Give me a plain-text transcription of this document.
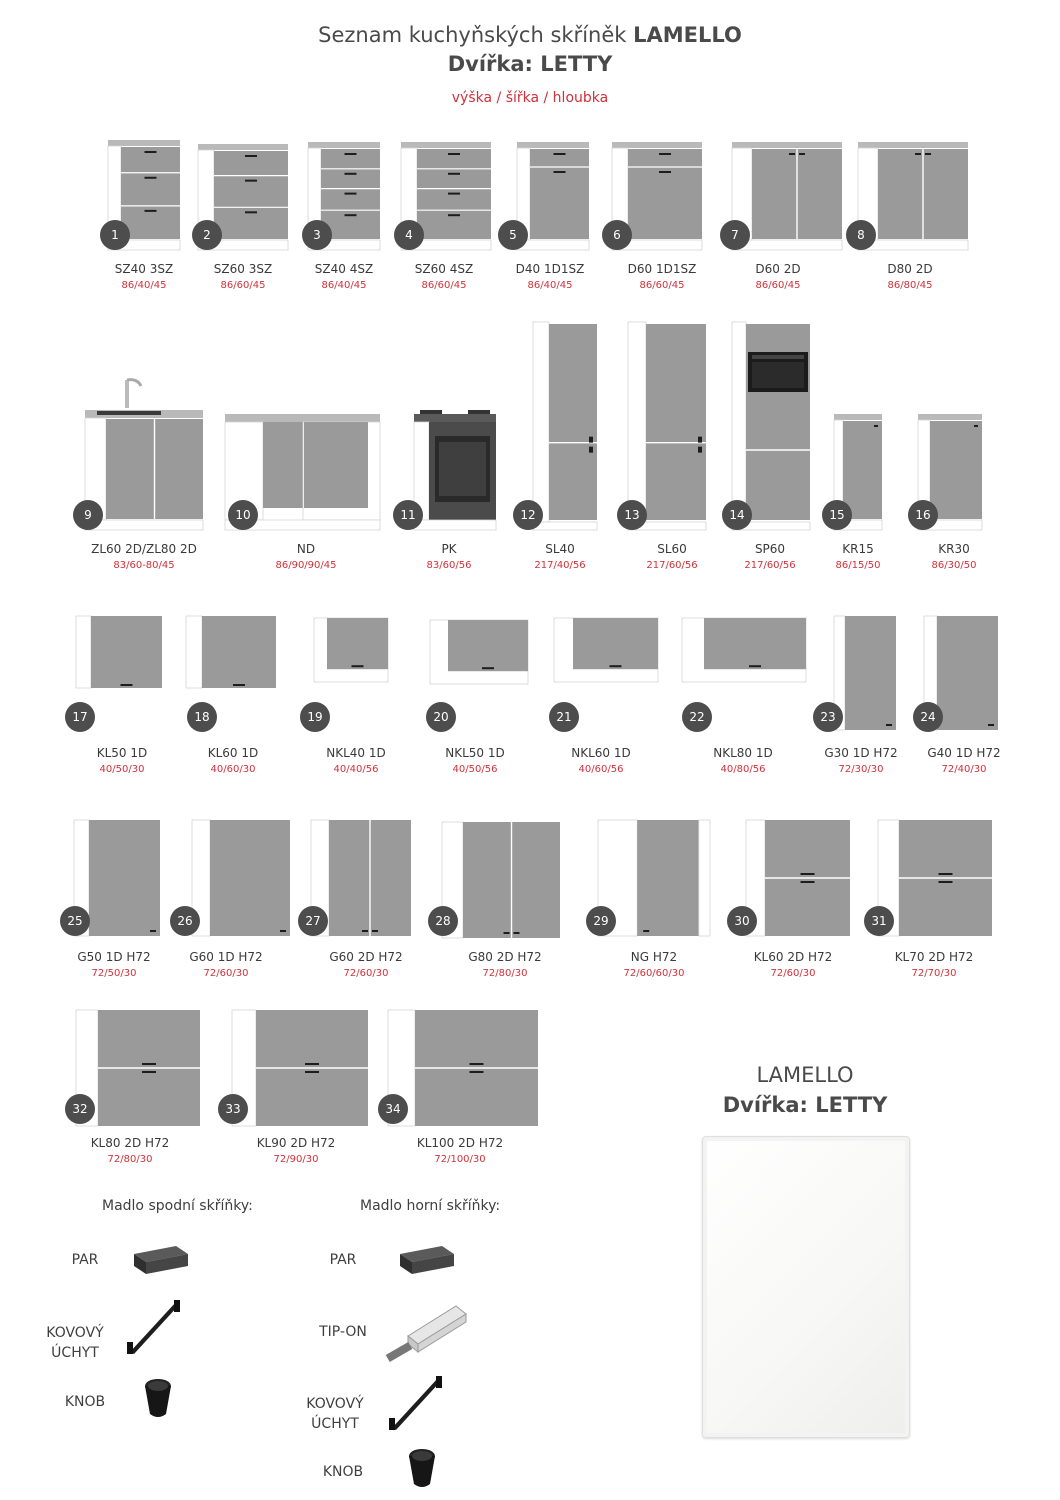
Seznam kuchyňských skříněk LAMELLO
Dvířka: LETTY
výška / šířka / hloubka
1
SZ40 3SZ
86/40/45
2
SZ60 3SZ
86/60/45
3
SZ40 4SZ
86/40/45
4
SZ60 4SZ
86/60/45
5
D40 1D1SZ
86/40/45
6
D60 1D1SZ
86/60/45
7
D60 2D
86/60/45
8
D80 2D
86/80/45
9
ZL60 2D/ZL80 2D
83/60-80/45
10
ND
86/90/90/45
11
PK
83/60/56
12
SL40
217/40/56
13
SL60
217/60/56
14
SP60
217/60/56
15
KR15
86/15/50
16
KR30
86/30/50
17
KL50 1D
40/50/30
18
KL60 1D
40/60/30
19
NKL40 1D
40/40/56
20
NKL50 1D
40/50/56
21
NKL60 1D
40/60/56
22
NKL80 1D
40/80/56
23
G30 1D H72
72/30/30
24
G40 1D H72
72/40/30
25
G50 1D H72
72/50/30
26
G60 1D H72
72/60/30
27
G60 2D H72
72/60/30
28
G80 2D H72
72/80/30
29
NG H72
72/60/60/30
30
KL60 2D H72
72/60/30
31
KL70 2D H72
72/70/30
32
KL80 2D H72
72/80/30
33
KL90 2D H72
72/90/30
34
KL100 2D H72
72/100/30
Madlo spodní skříňky:	Madlo horní skříňky:
PAR
KOVOVÝ ÚCHYT
KNOB
PAR
TIP-ON
KOVOVÝ ÚCHYT
KNOB
LAMELLO
Dvířka: LETTY
